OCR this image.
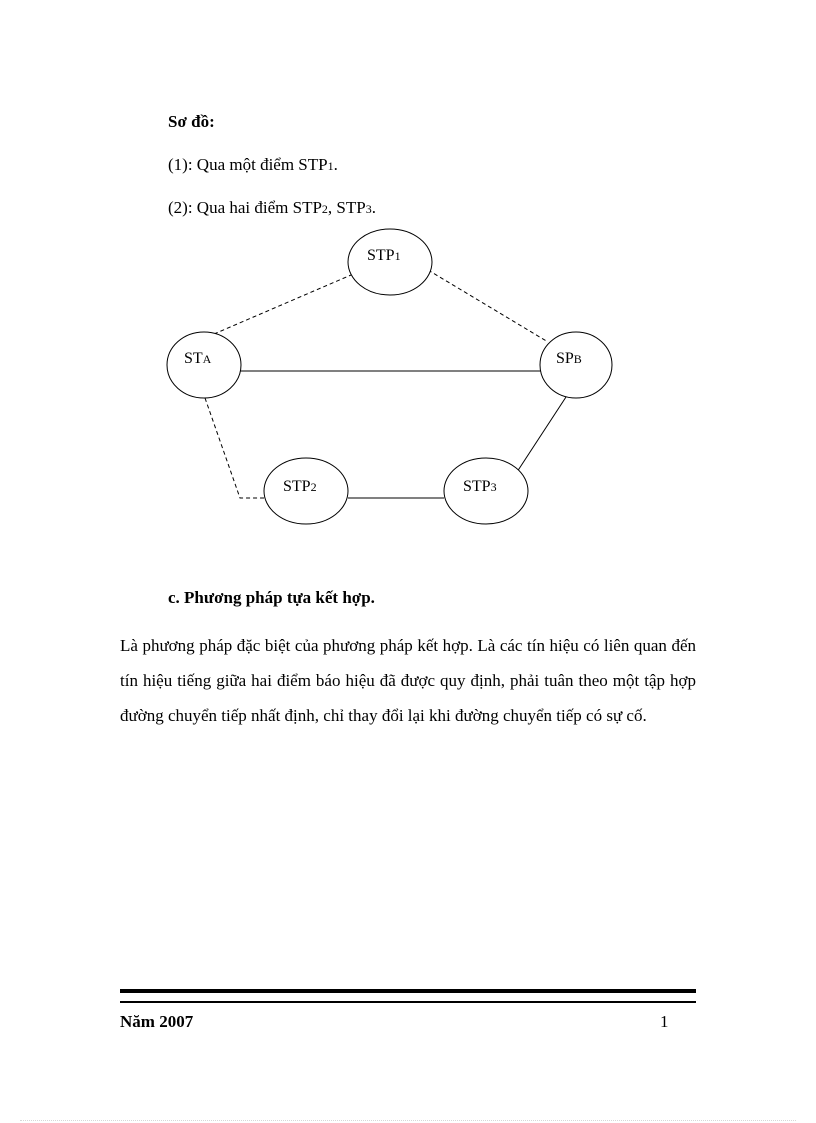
Sơ đồ:
(1): Qua một điểm STP1.
(2): Qua hai điểm STP2, STP3.
STP1
STA	SPB
STP2	STP3
c. Phương pháp tựa kết hợp.
Là phương pháp đặc biệt của phương pháp kết hợp. Là các tín hiệu có liên quan đến tín hiệu tiếng giữa hai điểm báo hiệu đã được quy định, phải tuân theo một tập hợp đường chuyển tiếp nhất định, chỉ thay đổi lại khi đường chuyển tiếp có sự cố.
Năm 2007	1
